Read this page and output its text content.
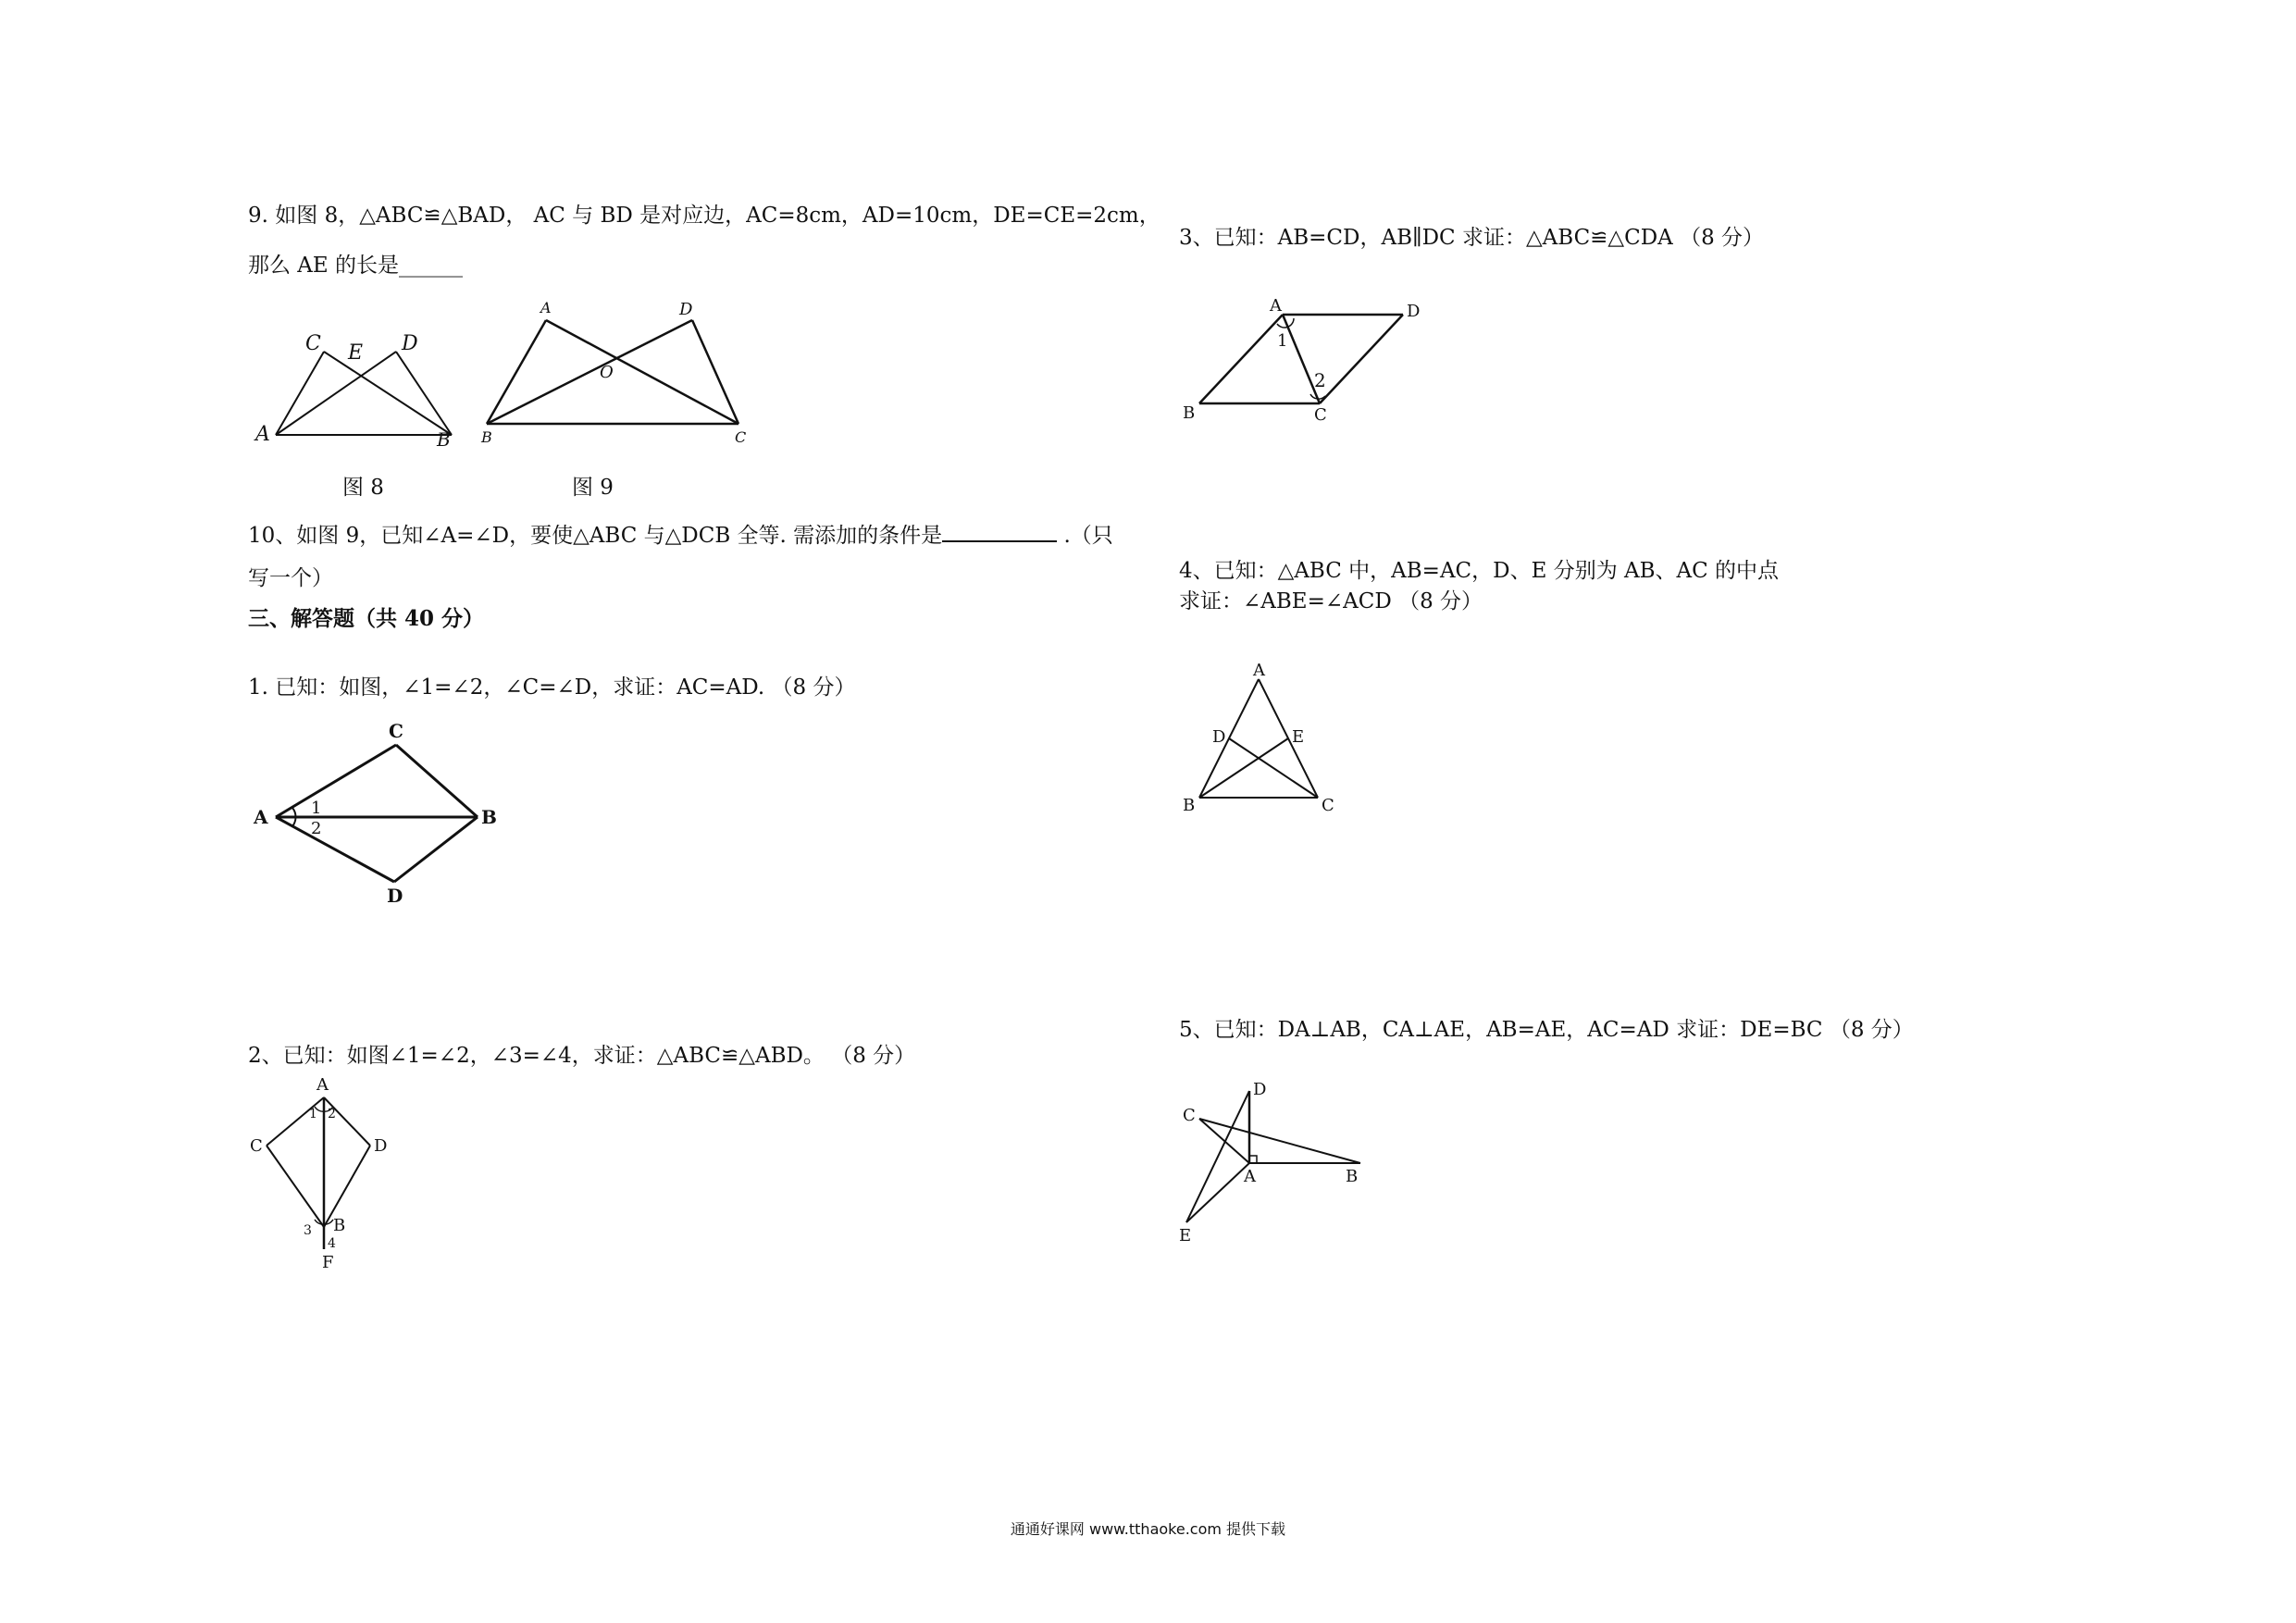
9. 如图 8，△ABC≌△BAD， AC 与 BD 是对应边，AC=8cm，AD=10cm，DE=CE=2cm，
那么 AE 的长是______
C E D
A	B
图 8
A	D
O
B	C
图 9
10、如图 9，已知∠A=∠D，要使△ABC 与△DCB 全等. 需添加的条件是	.（只
写一个）
三、解答题（共 40 分）
1. 已知：如图，∠1=∠2，∠C=∠D，求证：AC=AD. （8 分）
C
A	1
2
B
D
2、已知：如图∠1=∠2，∠3=∠4，求证：△ABC≌△ABD。 （8 分）
A
1 2
C	D
3 B
4
F
3、已知：AB=CD，AB∥DC 求证：△ABC≌△CDA （8 分）
A	D
1
2
B	C
4、已知：△ABC 中，AB=AC，D、E 分别为 AB、AC 的中点
求证：∠ABE=∠ACD （8 分）
A
D	E
B	C
5、已知：DA⊥AB，CA⊥AE，AB=AE，AC=AD 求证：DE=BC （8 分）
C
D
A	B
E
通通好课网 www.tthaoke.com 提供下载
